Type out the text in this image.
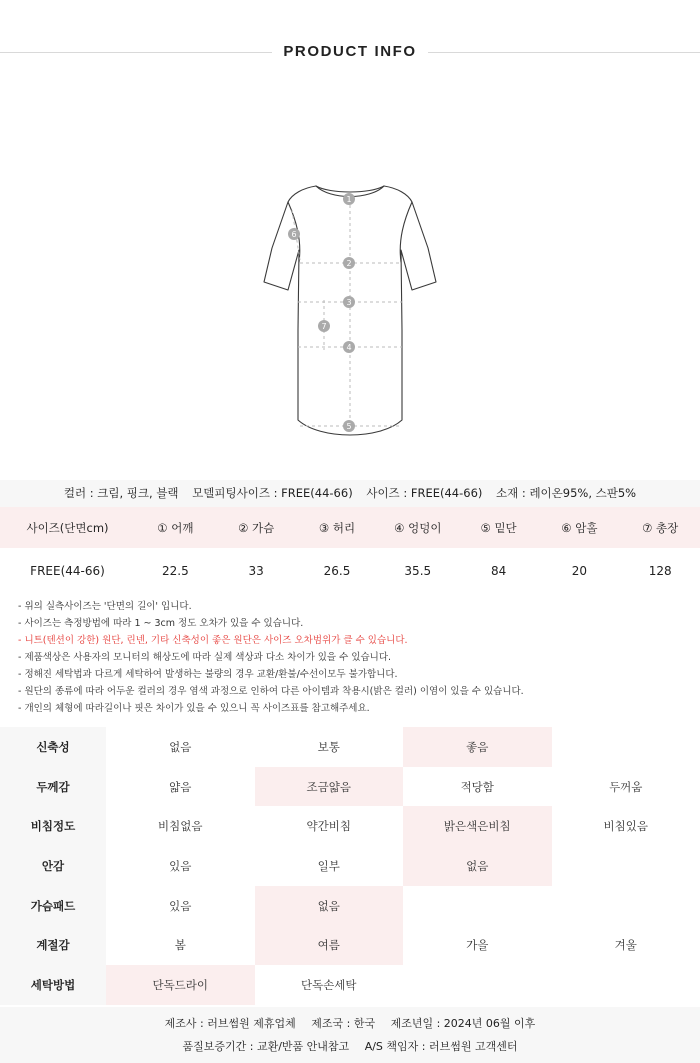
PRODUCT INFO
1
2
3
4
5
6
7
컬러 : 크림, 핑크, 블랙 모델피팅사이즈 : FREE(44-66) 사이즈 : FREE(44-66) 소재 : 레이온95%, 스판5%
사이즈(단면cm)	① 어깨	② 가슴	③ 허리	④ 엉덩이	⑤ 밑단	⑥ 암홀	⑦ 총장
FREE(44-66)	22.5	33	26.5	35.5	84	20	128
- 위의 실측사이즈는 '단면의 길이' 입니다.
- 사이즈는 측정방법에 따라 1 ~ 3cm 정도 오차가 있을 수 있습니다.
- 니트(텐션이 강한) 원단, 린넨, 기타 신축성이 좋은 원단은 사이즈 오차범위가 클 수 있습니다.
- 제품색상은 사용자의 모니터의 해상도에 따라 실제 색상과 다소 차이가 있을 수 있습니다.
- 정해진 세탁법과 다르게 세탁하여 발생하는 불량의 경우 교환/환불/수선이모두 불가합니다.
- 원단의 종류에 따라 어두운 컬러의 경우 염색 과정으로 인하여 다른 아이템과 착용시(밝은 컬러) 이염이 있을 수 있습니다.
- 개인의 체형에 따라길이나 핏은 차이가 있을 수 있으니 꼭 사이즈표를 참고해주세요.
신축성	없음	보통	좋음	
두께감	얇음	조금얇음	적당함	두꺼움
비침정도	비침없음	약간비침	밝은색은비침	비침있음
안감	있음	일부	없음	
가슴패드	있음	없음		
계절감	봄	여름	가을	겨울
세탁방법	단독드라이	단독손세탁		
제조사 : 러브썸원 제휴업체 제조국 : 한국 제조년일 : 2024년 06월 이후
품질보증기간 : 교환/반품 안내참고 A/S 책임자 : 러브썸원 고객센터
